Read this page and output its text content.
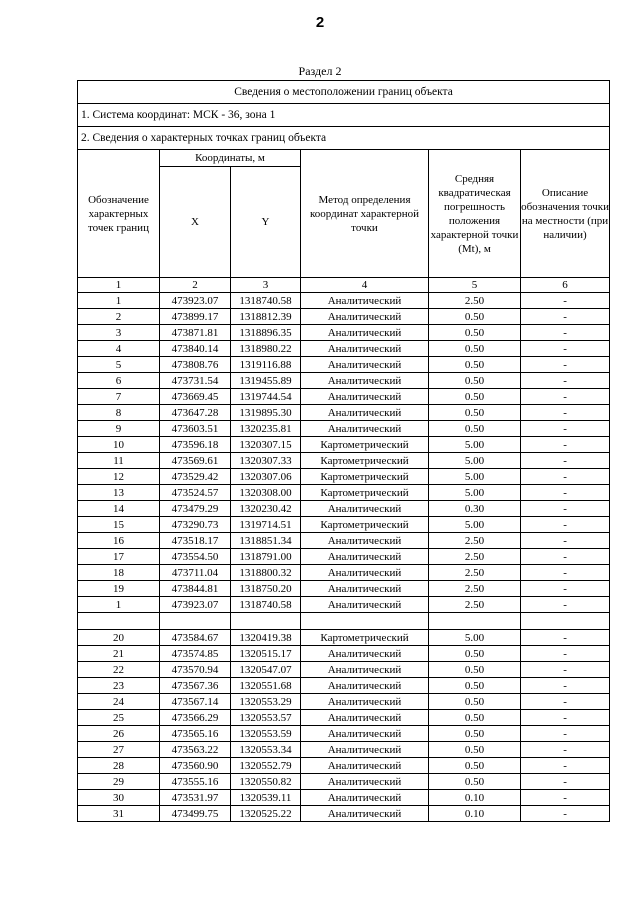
2
Раздел 2
Сведения о местоположении границ объекта					
1. Система координат: МСК - 36, зона 1					
2. Сведения о характерных точках границ объекта					
Обозначение характерных точек границ	Координаты, м		Метод определения координат характерной точки	Средняя квадратическая погрешность положения характерной точки (Mt), м	Описание обозначения точки на местности (при наличии)
	X	Y			
1	2	3	4	5	6
1	473923.07	1318740.58	Аналитический	2.50	-
2	473899.17	1318812.39	Аналитический	0.50	-
3	473871.81	1318896.35	Аналитический	0.50	-
4	473840.14	1318980.22	Аналитический	0.50	-
5	473808.76	1319116.88	Аналитический	0.50	-
6	473731.54	1319455.89	Аналитический	0.50	-
7	473669.45	1319744.54	Аналитический	0.50	-
8	473647.28	1319895.30	Аналитический	0.50	-
9	473603.51	1320235.81	Аналитический	0.50	-
10	473596.18	1320307.15	Картометрический	5.00	-
11	473569.61	1320307.33	Картометрический	5.00	-
12	473529.42	1320307.06	Картометрический	5.00	-
13	473524.57	1320308.00	Картометрический	5.00	-
14	473479.29	1320230.42	Аналитический	0.30	-
15	473290.73	1319714.51	Картометрический	5.00	-
16	473518.17	1318851.34	Аналитический	2.50	-
17	473554.50	1318791.00	Аналитический	2.50	-
18	473711.04	1318800.32	Аналитический	2.50	-
19	473844.81	1318750.20	Аналитический	2.50	-
1	473923.07	1318740.58	Аналитический	2.50	-

20	473584.67	1320419.38	Картометрический	5.00	-
21	473574.85	1320515.17	Аналитический	0.50	-
22	473570.94	1320547.07	Аналитический	0.50	-
23	473567.36	1320551.68	Аналитический	0.50	-
24	473567.14	1320553.29	Аналитический	0.50	-
25	473566.29	1320553.57	Аналитический	0.50	-
26	473565.16	1320553.59	Аналитический	0.50	-
27	473563.22	1320553.34	Аналитический	0.50	-
28	473560.90	1320552.79	Аналитический	0.50	-
29	473555.16	1320550.82	Аналитический	0.50	-
30	473531.97	1320539.11	Аналитический	0.10	-
31	473499.75	1320525.22	Аналитический	0.10	-
